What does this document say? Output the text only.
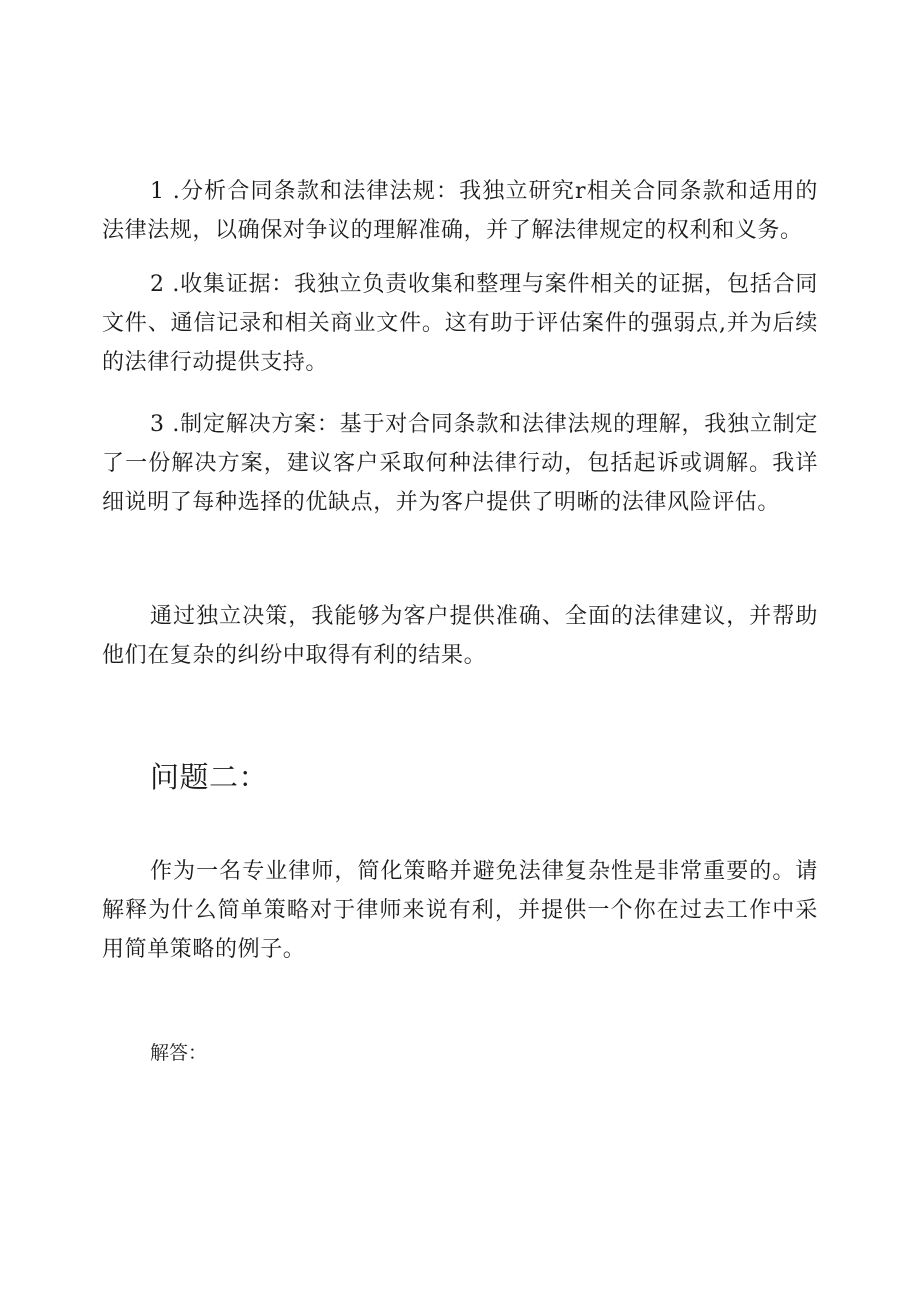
1 .分析合同条款和法律法规：我独立研究r相关合同条款和适用的法律法规，以确保对争议的理解准确，并了解法律规定的权利和义务。

2 .收集证据：我独立负责收集和整理与案件相关的证据，包括合同文件、通信记录和相关商业文件。这有助于评估案件的强弱点,并为后续的法律行动提供支持。

3 .制定解决方案：基于对合同条款和法律法规的理解，我独立制定了一份解决方案，建议客户采取何种法律行动，包括起诉或调解。我详细说明了每种选择的优缺点，并为客户提供了明晰的法律风险评估。

通过独立决策，我能够为客户提供准确、全面的法律建议，并帮助他们在复杂的纠纷中取得有利的结果。

问题二：

作为一名专业律师，简化策略并避免法律复杂性是非常重要的。请解释为什么简单策略对于律师来说有利，并提供一个你在过去工作中采用简单策略的例子。

解答：
